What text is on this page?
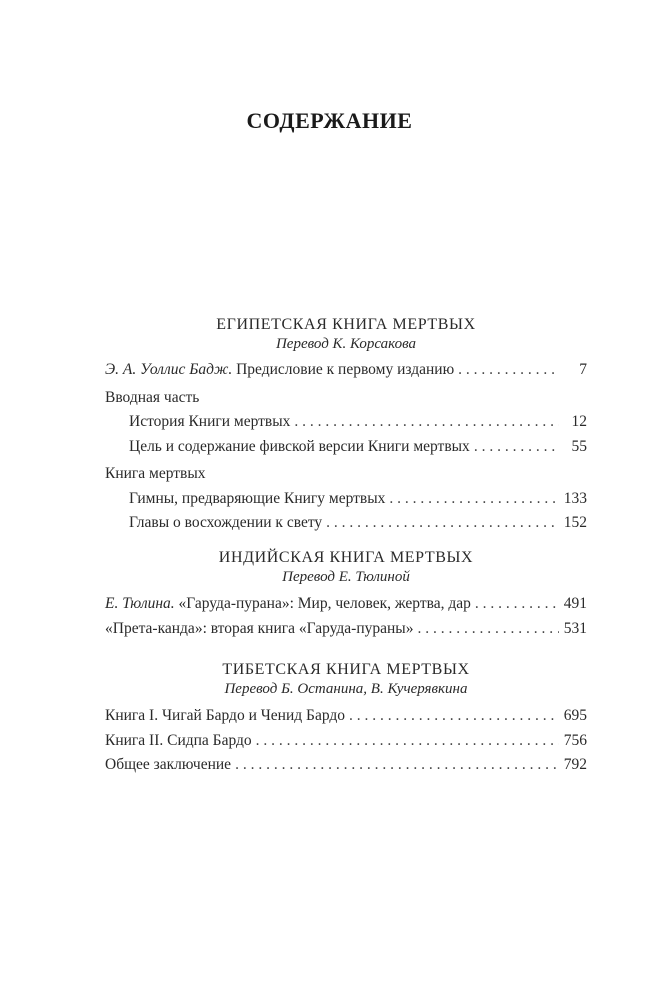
СОДЕРЖАНИЕ
ЕГИПЕТСКАЯ КНИГА МЕРТВЫХ
Перевод К. Корсакова
Э. А. Уоллис Бадж. Предисловие к первому изданию . . .	7
Вводная часть
История Книги мертвых . . .	12
Цель и содержание фивской версии Книги мертвых . . .	55
Книга мертвых
Гимны, предваряющие Книгу мертвых . . .	133
Главы о восхождении к свету . . .	152
ИНДИЙСКАЯ КНИГА МЕРТВЫХ
Перевод Е. Тюлиной
Е. Тюлина. «Гаруда-пурана»: Мир, человек, жертва, дар . . .	491
«Прета-канда»: вторая книга «Гаруда-пураны» . . .	531
ТИБЕТСКАЯ КНИГА МЕРТВЫХ
Перевод Б. Останина, В. Кучерявкина
Книга I. Чигай Бардо и Ченид Бардо . . .	695
Книга II. Сидпа Бардо . . .	756
Общее заключение . . .	792
